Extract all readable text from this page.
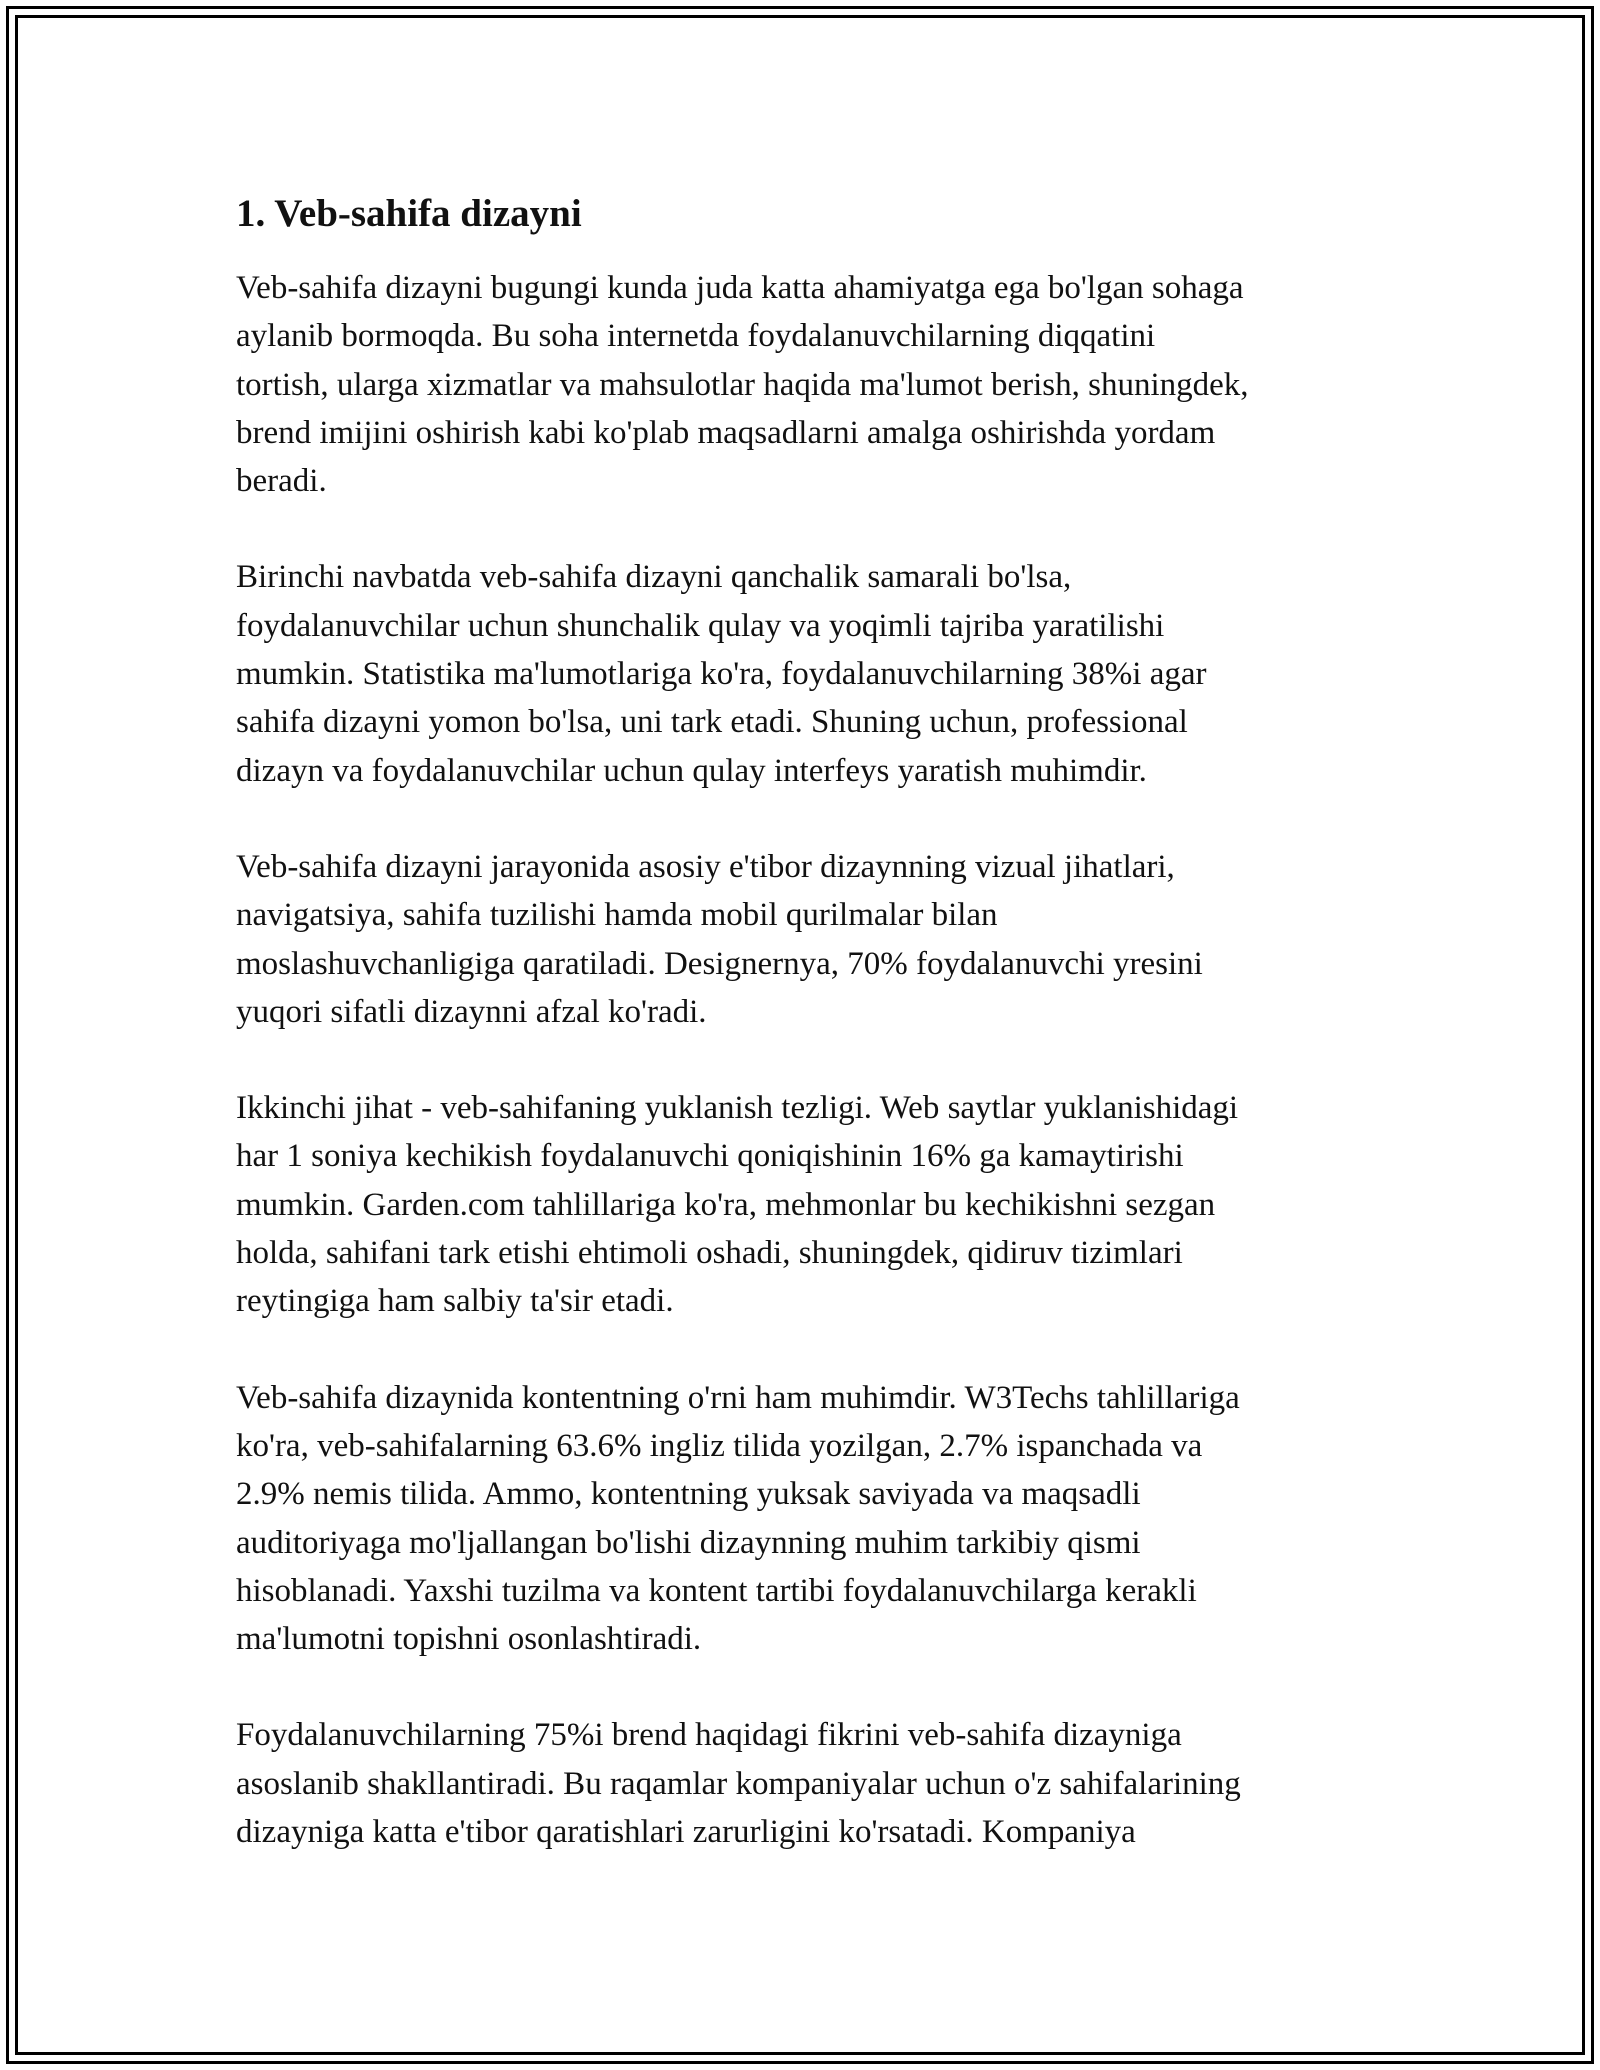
1. Veb-sahifa dizayni

Veb-sahifa dizayni bugungi kunda juda katta ahamiyatga ega bo'lgan sohaga
aylanib bormoqda. Bu soha internetda foydalanuvchilarning diqqatini
tortish, ularga xizmatlar va mahsulotlar haqida ma'lumot berish, shuningdek,
brend imijini oshirish kabi ko'plab maqsadlarni amalga oshirishda yordam
beradi.

Birinchi navbatda veb-sahifa dizayni qanchalik samarali bo'lsa,
foydalanuvchilar uchun shunchalik qulay va yoqimli tajriba yaratilishi
mumkin. Statistika ma'lumotlariga ko'ra, foydalanuvchilarning 38%i agar
sahifa dizayni yomon bo'lsa, uni tark etadi. Shuning uchun, professional
dizayn va foydalanuvchilar uchun qulay interfeys yaratish muhimdir.

Veb-sahifa dizayni jarayonida asosiy e'tibor dizaynning vizual jihatlari,
navigatsiya, sahifa tuzilishi hamda mobil qurilmalar bilan
moslashuvchanligiga qaratiladi. Designernya, 70% foydalanuvchi yresini
yuqori sifatli dizaynni afzal ko'radi.

Ikkinchi jihat - veb-sahifaning yuklanish tezligi. Web saytlar yuklanishidagi
har 1 soniya kechikish foydalanuvchi qoniqishinin 16% ga kamaytirishi
mumkin. Garden.com tahlillariga ko'ra, mehmonlar bu kechikishni sezgan
holda, sahifani tark etishi ehtimoli oshadi, shuningdek, qidiruv tizimlari
reytingiga ham salbiy ta'sir etadi.

Veb-sahifa dizaynida kontentning o'rni ham muhimdir. W3Techs tahlillariga
ko'ra, veb-sahifalarning 63.6% ingliz tilida yozilgan, 2.7% ispanchada va
2.9% nemis tilida. Ammo, kontentning yuksak saviyada va maqsadli
auditoriyaga mo'ljallangan bo'lishi dizaynning muhim tarkibiy qismi
hisoblanadi. Yaxshi tuzilma va kontent tartibi foydalanuvchilarga kerakli
ma'lumotni topishni osonlashtiradi.

Foydalanuvchilarning 75%i brend haqidagi fikrini veb-sahifa dizayniga
asoslanib shakllantiradi. Bu raqamlar kompaniyalar uchun o'z sahifalarining
dizayniga katta e'tibor qaratishlari zarurligini ko'rsatadi. Kompaniya
